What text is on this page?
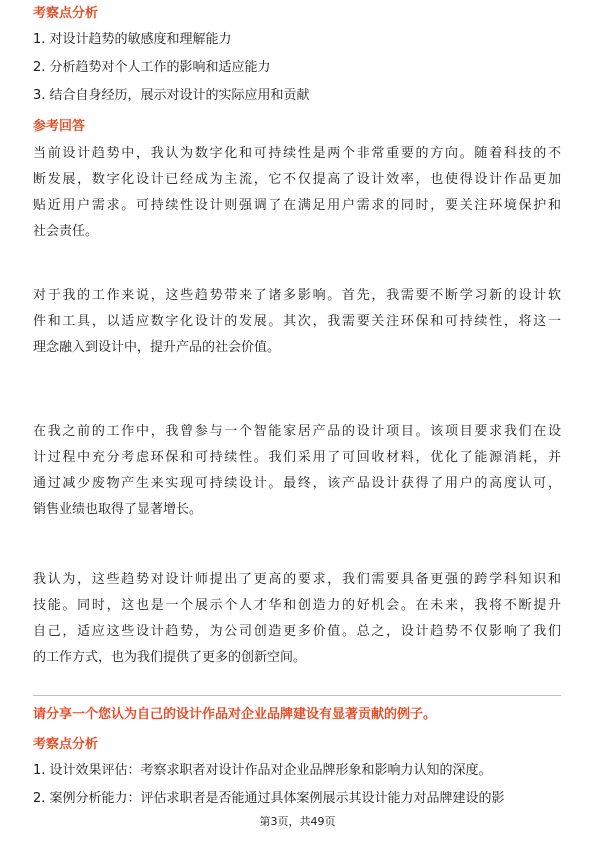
考察点分析
1. 对设计趋势的敏感度和理解能力
2. 分析趋势对个人工作的影响和适应能力
3. 结合自身经历，展示对设计的实际应用和贡献
参考回答
当前设计趋势中，我认为数字化和可持续性是两个非常重要的方向。随着科技的不
断发展，数字化设计已经成为主流，它不仅提高了设计效率，也使得设计作品更加
贴近用户需求。可持续性设计则强调了在满足用户需求的同时，要关注环境保护和
社会责任。
对于我的工作来说，这些趋势带来了诸多影响。首先，我需要不断学习新的设计软
件和工具，以适应数字化设计的发展。其次，我需要关注环保和可持续性，将这一
理念融入到设计中，提升产品的社会价值。
在我之前的工作中，我曾参与一个智能家居产品的设计项目。该项目要求我们在设
计过程中充分考虑环保和可持续性。我们采用了可回收材料，优化了能源消耗，并
通过减少废物产生来实现可持续设计。最终，该产品设计获得了用户的高度认可，
销售业绩也取得了显著增长。
我认为，这些趋势对设计师提出了更高的要求，我们需要具备更强的跨学科知识和
技能。同时，这也是一个展示个人才华和创造力的好机会。在未来，我将不断提升
自己，适应这些设计趋势，为公司创造更多价值。总之，设计趋势不仅影响了我们
的工作方式，也为我们提供了更多的创新空间。
请分享一个您认为自己的设计作品对企业品牌建设有显著贡献的例子。
考察点分析
1. 设计效果评估：考察求职者对设计作品对企业品牌形象和影响力认知的深度。
2. 案例分析能力：评估求职者是否能通过具体案例展示其设计能力对品牌建设的影
第3页，共49页
